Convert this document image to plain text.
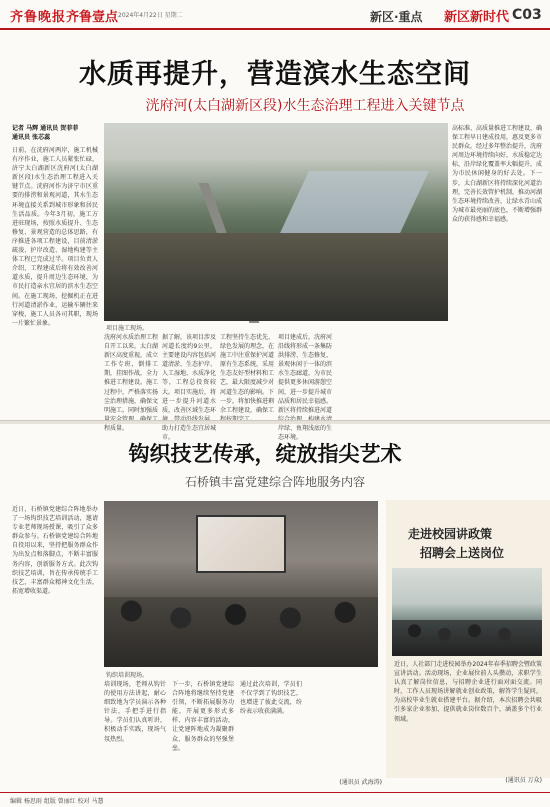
齐鲁晚报 齐鲁壹点 2024年4月22日 星期二	新区·重点 新区新时代 C03
水质再提升，营造滨水生态空间
洸府河(太白湖新区段)水生态治理工程进入关键节点
记者 马辉 通讯员 贺菲菲
通讯员 张芯蕊
日前，在洸府河两岸，施工机械有序作业，施工人员紧张忙碌，济宁太白湖新区洸府河(太白湖新区段)水生态治理工程进入关键节点。洸府河作为济宁市区重要的排涝和景观河道，其水生态环境直接关系到城市形象和居民生活品质。今年3月初，施工方进驻现场，按照水质提升、生态修复、景观营造的总体思路，有序推进各项工程建设，目前清淤疏浚、护岸改造、湿地构建等主体工程已完成过半。项目负责人介绍，工程建成后将有效改善河道水质，提升周边生态环境，为市民打造亲水宜居的滨水生态空间。在施工现场，挖掘机正在进行河道清淤作业，运输车辆往来穿梭，施工人员各司其职，现场一片繁忙景象。
项目施工现场。
洸府河水质治理工程自开工以来，太白湖新区高度重视，成立工作专班，倒排工期，挂图作战，全力推进工程建设。施工过程中，严格落实扬尘治理措施，确保文明施工。同时加强质 程质量。
据了解，该项目涉及河道长度约9公里，主要建设内容包括河道清淤、生态护岸、人工湿地、水质净化等，工程总投资较大。项目实施后，将进一步提升河道水质，改善区域生态环 助力打造生态宜居城市。
工程坚持生态优先、绿色发展的理念，在施工中注重保护河道原有生态系统，采用生态友好型材料和工艺，最大限度减少对河道生态的影响。下一步，将加快推进剩余工程建设，确保工
项目建成后，洸府河沿线将形成一条集防洪排涝、生态修复、景观休闲于一体的滨水生态廊道，为市民提供更多休闲游憩空间，进一步提升城市品质和居民幸福感。新区将持续推进河道 岸绿、鱼翔浅底的生态环境。
高标准、高质量推进工程建设，确保工程早日建成投用，惠及更多市民群众。经过多年整治提升，洸府河周边环境持续向好，水质稳定达标，沿岸绿化覆盖率大幅提升，成为市民休闲健身的好去处。下一步，太白湖新区将持续深化河道治理，完善长效管护机制，推动河湖生态环境持续改善，让绿水青山成为城市最亮丽的底色，不断增强群众的获得感和幸福感。
钩织技艺传承，绽放指尖艺术
石桥镇丰富党建综合阵地服务内容
近日，石桥镇党建综合阵地举办了一场钩织技艺培训活动，邀请专业老师现场授课，吸引了众多群众参与。石桥镇党建综合阵地自投用以来，坚持把服务群众作为出发点和落脚点，不断丰富服务内容，创新服务方式。此次钩织技艺培训，旨在传承传统手工技艺，丰富群众精神文化生活，拓宽增收渠道。
钩织培训现场。
培训现场，老师从钩针的使用方法讲起，耐心细致地为学员演示各种针法，手把手进行指导。学员们认真听讲，积极动手实践，现场气氛热烈。
下一步，石桥镇党建综合阵地将继续坚持党建引领，不断拓展服务功能，开展更多形式多样、内容丰富的活动，让党建阵地成为凝聚群众、服务群众的坚强堡垒。
通过此次培训，学员们不仅学到了钩织技艺，也增进了彼此交流，纷纷表示收获满满。
(通讯员 武海涛)
走进校园讲政策
招聘会上送岗位
近日，人社部门走进校园举办2024年春季招聘会暨政策宣讲活动。活动现场，企业展位前人头攒动，求职学生认真了解岗位信息，与招聘企业进行面对面交流。同时，工作人员现场讲解就业创业政策，解答学生疑问，为高校毕业生就业搭建平台。据介绍，本次招聘会共吸引多家企业参加，提供就业岗位数百个，涵盖多个行业领域。
(通讯员 万众)
编辑 杨思雨 组版 曾丽红 校对 马慧
